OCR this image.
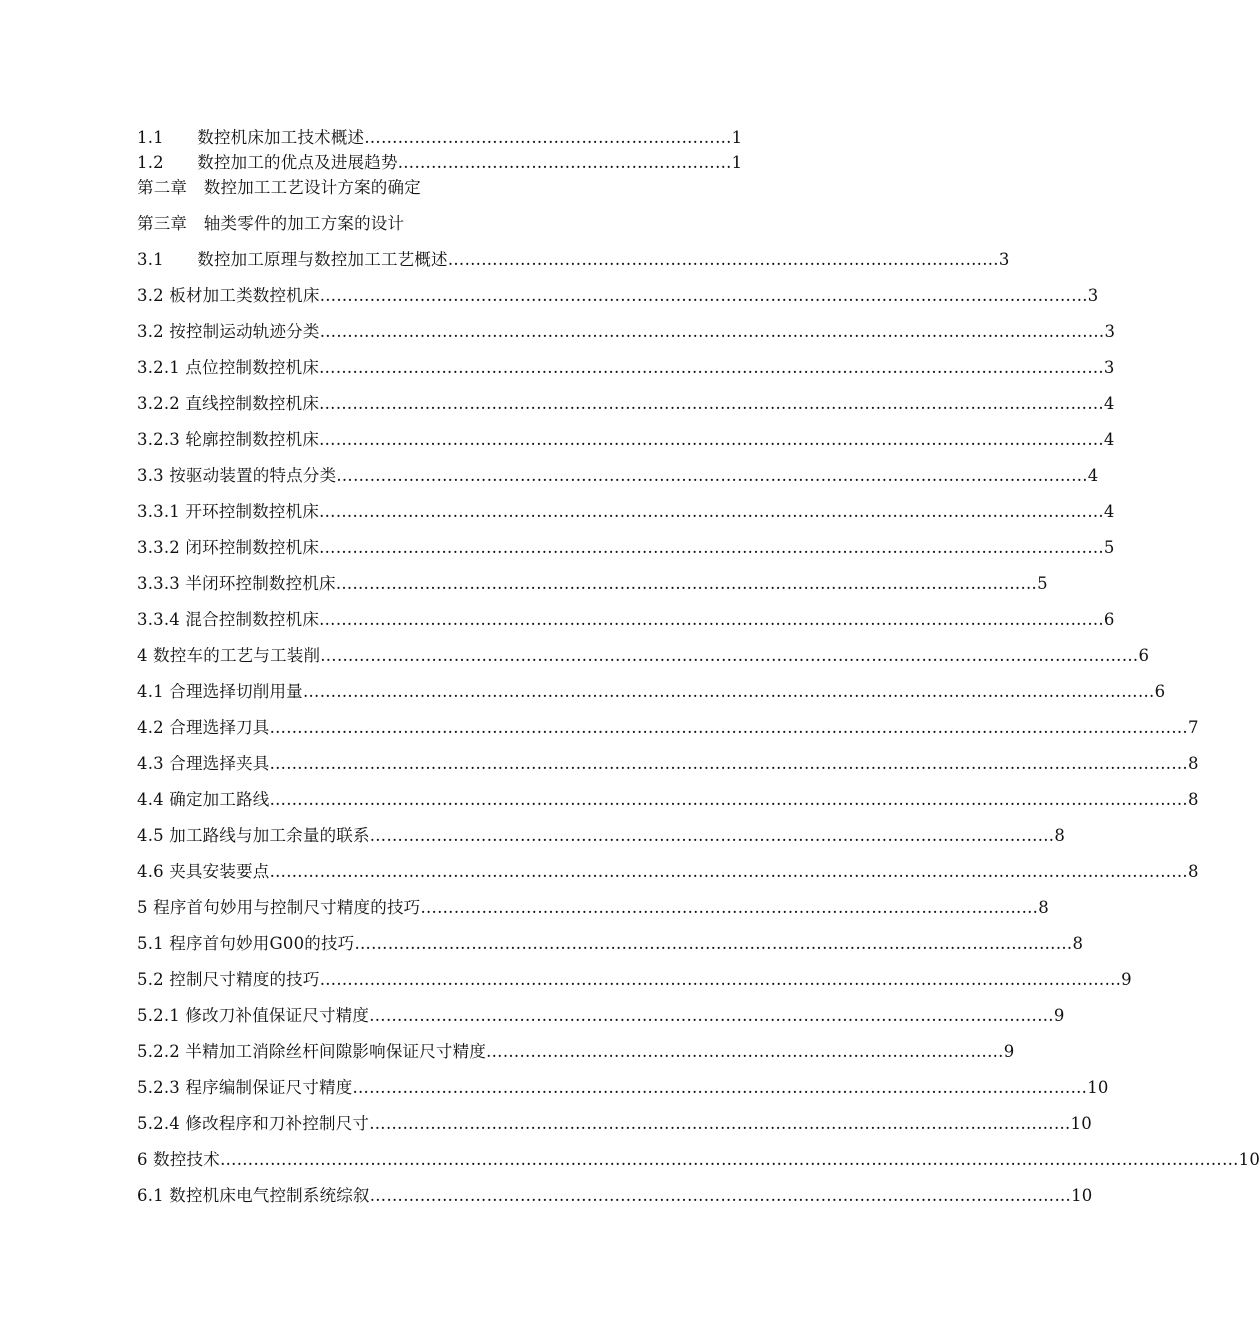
1.1　　数控机床加工技术概述…………………………………………………………1
1.2　　数控加工的优点及进展趋势……………………………………………………1
第二章　数控加工工艺设计方案的确定
第三章　轴类零件的加工方案的设计
3.1　　数控加工原理与数控加工工艺概述………………………………………………………………………………………3
3.2 板材加工类数控机床…………………………………………………………………………………………………………………………3
3.2 按控制运动轨迹分类……………………………………………………………………………………………………………………………3
3.2.1 点位控制数控机床……………………………………………………………………………………………………………………………3
3.2.2 直线控制数控机床……………………………………………………………………………………………………………………………4
3.2.3 轮廓控制数控机床……………………………………………………………………………………………………………………………4
3.3 按驱动装置的特点分类………………………………………………………………………………………………………………………4
3.3.1 开环控制数控机床……………………………………………………………………………………………………………………………4
3.3.2 闭环控制数控机床……………………………………………………………………………………………………………………………5
3.3.3 半闭环控制数控机床………………………………………………………………………………………………………………5
3.3.4 混合控制数控机床……………………………………………………………………………………………………………………………6
4 数控车的工艺与工装削…………………………………………………………………………………………………………………………………6
4.1 合理选择切削用量………………………………………………………………………………………………………………………………………6
4.2 合理选择刀具…………………………………………………………………………………………………………………………………………………7
4.3 合理选择夹具…………………………………………………………………………………………………………………………………………………8
4.4 确定加工路线…………………………………………………………………………………………………………………………………………………8
4.5 加工路线与加工余量的联系……………………………………………………………………………………………………………8
4.6 夹具安装要点…………………………………………………………………………………………………………………………………………………8
5 程序首句妙用与控制尺寸精度的技巧…………………………………………………………………………………………………8
5.1 程序首句妙用G00的技巧…………………………………………………………………………………………………………………8
5.2 控制尺寸精度的技巧………………………………………………………………………………………………………………………………9
5.2.1 修改刀补值保证尺寸精度……………………………………………………………………………………………………………9
5.2.2 半精加工消除丝杆间隙影响保证尺寸精度…………………………………………………………………………………9
5.2.3 程序编制保证尺寸精度……………………………………………………………………………………………………………………10
5.2.4 修改程序和刀补控制尺寸………………………………………………………………………………………………………………10
6 数控技术…………………………………………………………………………………………………………………………………………………………………10
6.1 数控机床电气控制系统综叙………………………………………………………………………………………………………………10
